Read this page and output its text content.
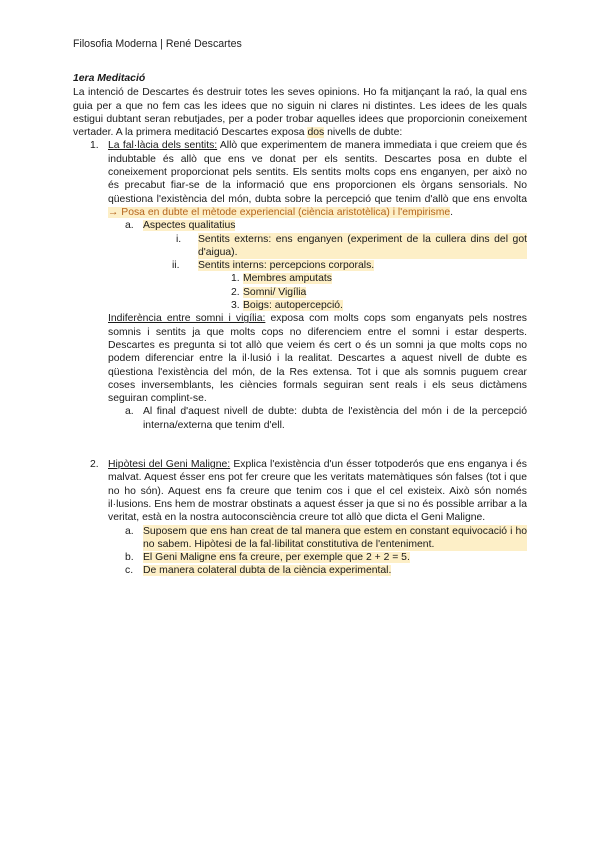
Filosofia Moderna | René Descartes
1era Meditació

La intenció de Descartes és destruir totes les seves opinions. Ho fa mitjançant la raó, la qual ens guia per a que no fem cas les idees que no siguin ni clares ni distintes. Les idees de les quals estigui dubtant seran rebutjades, per a poder trobar aquelles idees que proporcionin coneixement vertader. A la primera meditació Descartes exposa dos nivells de dubte:

1. La fal·làcia dels sentits: Allò que experimentem de manera immediata i que creiem que és indubtable és allò que ens ve donat per els sentits. Descartes posa en dubte el coneixement proporcionat pels sentits. Els sentits molts cops ens enganyen, per això no és precabut fiar-se de la informació que ens proporcionen els òrgans sensorials. No qüestiona l'existència del món, dubta sobre la percepció que tenim d'allò que ens envolta → Posa en dubte el mètode experiencial (ciència aristotèlica) i l'empirisme.

a. Aspectes qualitatius
i. Sentits externs: ens enganyen (experiment de la cullera dins del got d'aigua).

ii. Sentits interns: percepcions corporals.
1. Membres amputats
2. Somni/ Vigília
3. Boigs: autopercepció.

Indiferència entre somni i vigília: exposa com molts cops som enganyats pels nostres somnis i sentits ja que molts cops no diferenciem entre el somni i estar desperts. Descartes es pregunta si tot allò que veiem és cert o és un somni ja que molts cops no podem diferenciar entre la il·lusió i la realitat. Descartes a aquest nivell de dubte es qüestiona l'existència del món, de la Res extensa. Tot i que als somnis puguem crear coses inversemblants, les ciències formals seguiran sent reals i els seus dictàmens seguiran complint-se.

a. Al final d'aquest nivell de dubte: dubta de l'existència del món i de la percepció interna/externa que tenim d'ell.

2. Hipòtesi del Geni Maligne: Explica l'existència d'un ésser totpoderós que ens enganya i és malvat. Aquest ésser ens pot fer creure que les veritats matemàtiques són falses (tot i que no ho són). Aquest ens fa creure que tenim cos i que el cel existeix. Això són només il·lusions. Ens hem de mostrar obstinats a aquest ésser ja que si no és possible arribar a la veritat, està en la nostra autoconsciència creure tot allò que dicta el Geni Maligne.

a. Suposem que ens han creat de tal manera que estem en constant equivocació i ho no sabem. Hipòtesi de la fal·libilitat constitutiva de l'enteniment.

b. El Geni Maligne ens fa creure, per exemple que 2 + 2 = 5.
c. De manera colateral dubta de la ciència experimental.
